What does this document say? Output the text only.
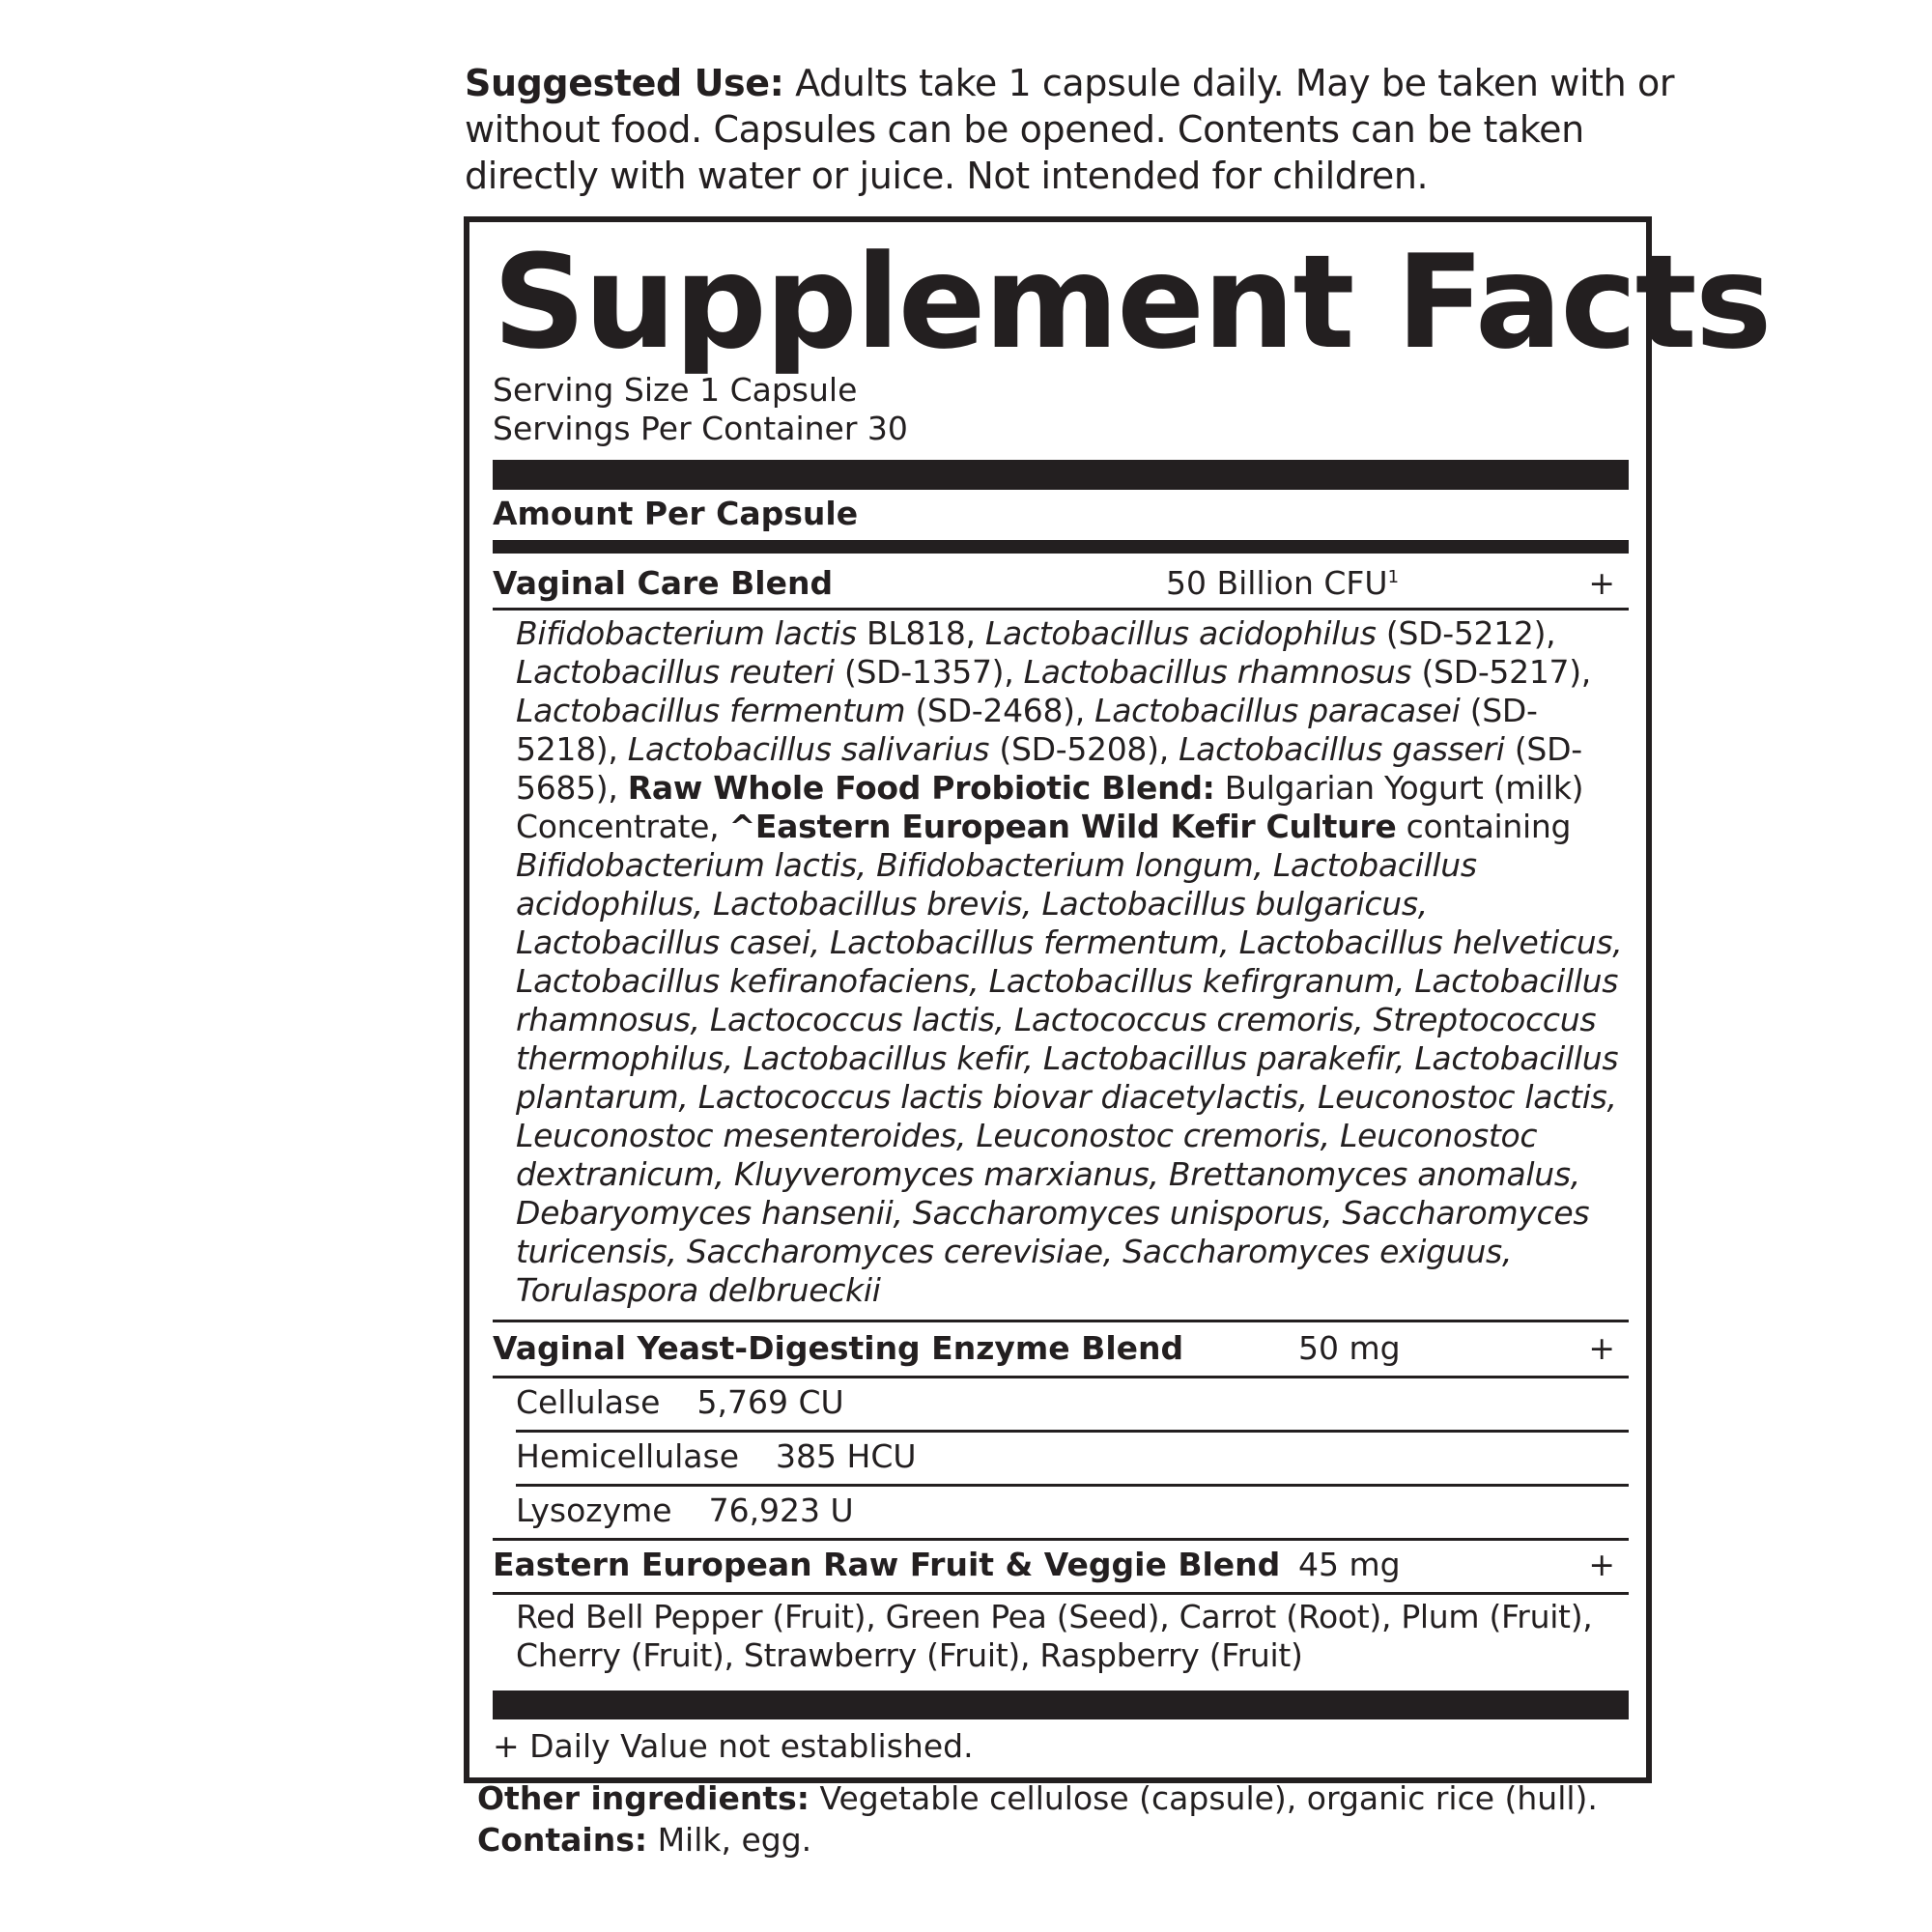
Suggested Use: Adults take 1 capsule daily. May be taken with or without food. Capsules can be opened. Contents can be taken directly with water or juice. Not intended for children.
Supplement Facts
Serving Size 1 Capsule
Servings Per Container 30
Amount Per Capsule
Vaginal Care Blend	50 Billion $CFU^1$	+
Bifidobacterium lactis BL818, Lactobacillus acidophilus (SD-5212), Lactobacillus reuteri (SD-1357), Lactobacillus rhamnosus (SD-5217), Lactobacillus fermentum (SD-2468), Lactobacillus paracasei (SD-5218), Lactobacillus salivarius (SD-5208), Lactobacillus gasseri (SD-5685), Raw Whole Food Probiotic Blend: Bulgarian Yogurt (milk) Concentrate, ^Eastern European Wild Kefir Culture containing Bifidobacterium lactis, Bifidobacterium longum, Lactobacillus acidophilus, Lactobacillus brevis, Lactobacillus bulgaricus, Lactobacillus casei, Lactobacillus fermentum, Lactobacillus helveticus, Lactobacillus kefiranofaciens, Lactobacillus kefirgranum, Lactobacillus rhamnosus, Lactococcus lactis, Lactococcus cremoris, Streptococcus thermophilus, Lactobacillus kefir, Lactobacillus parakefir, Lactobacillus plantarum, Lactococcus lactis biovar diacetylactis, Leuconostoc lactis, Leuconostoc mesenteroides, Leuconostoc cremoris, Leuconostoc dextranicum, Kluyveromyces marxianus, Brettanomyces anomalus, Debaryomyces hansenii, Saccharomyces unisporus, Saccharomyces turicensis, Saccharomyces cerevisiae, Saccharomyces exiguus, Torulaspora delbrueckii
Vaginal Yeast-Digesting Enzyme Blend	50 mg	+
Cellulase 5,769 CU
Hemicellulase 385 HCU
Lysozyme 76,923 U
Eastern European Raw Fruit & Veggie Blend 45 mg	+
Red Bell Pepper (Fruit), Green Pea (Seed), Carrot (Root), Plum (Fruit), Cherry (Fruit), Strawberry (Fruit), Raspberry (Fruit)
+ Daily Value not established.
Other ingredients: Vegetable cellulose (capsule), organic rice (hull).
Contains: Milk, egg.
